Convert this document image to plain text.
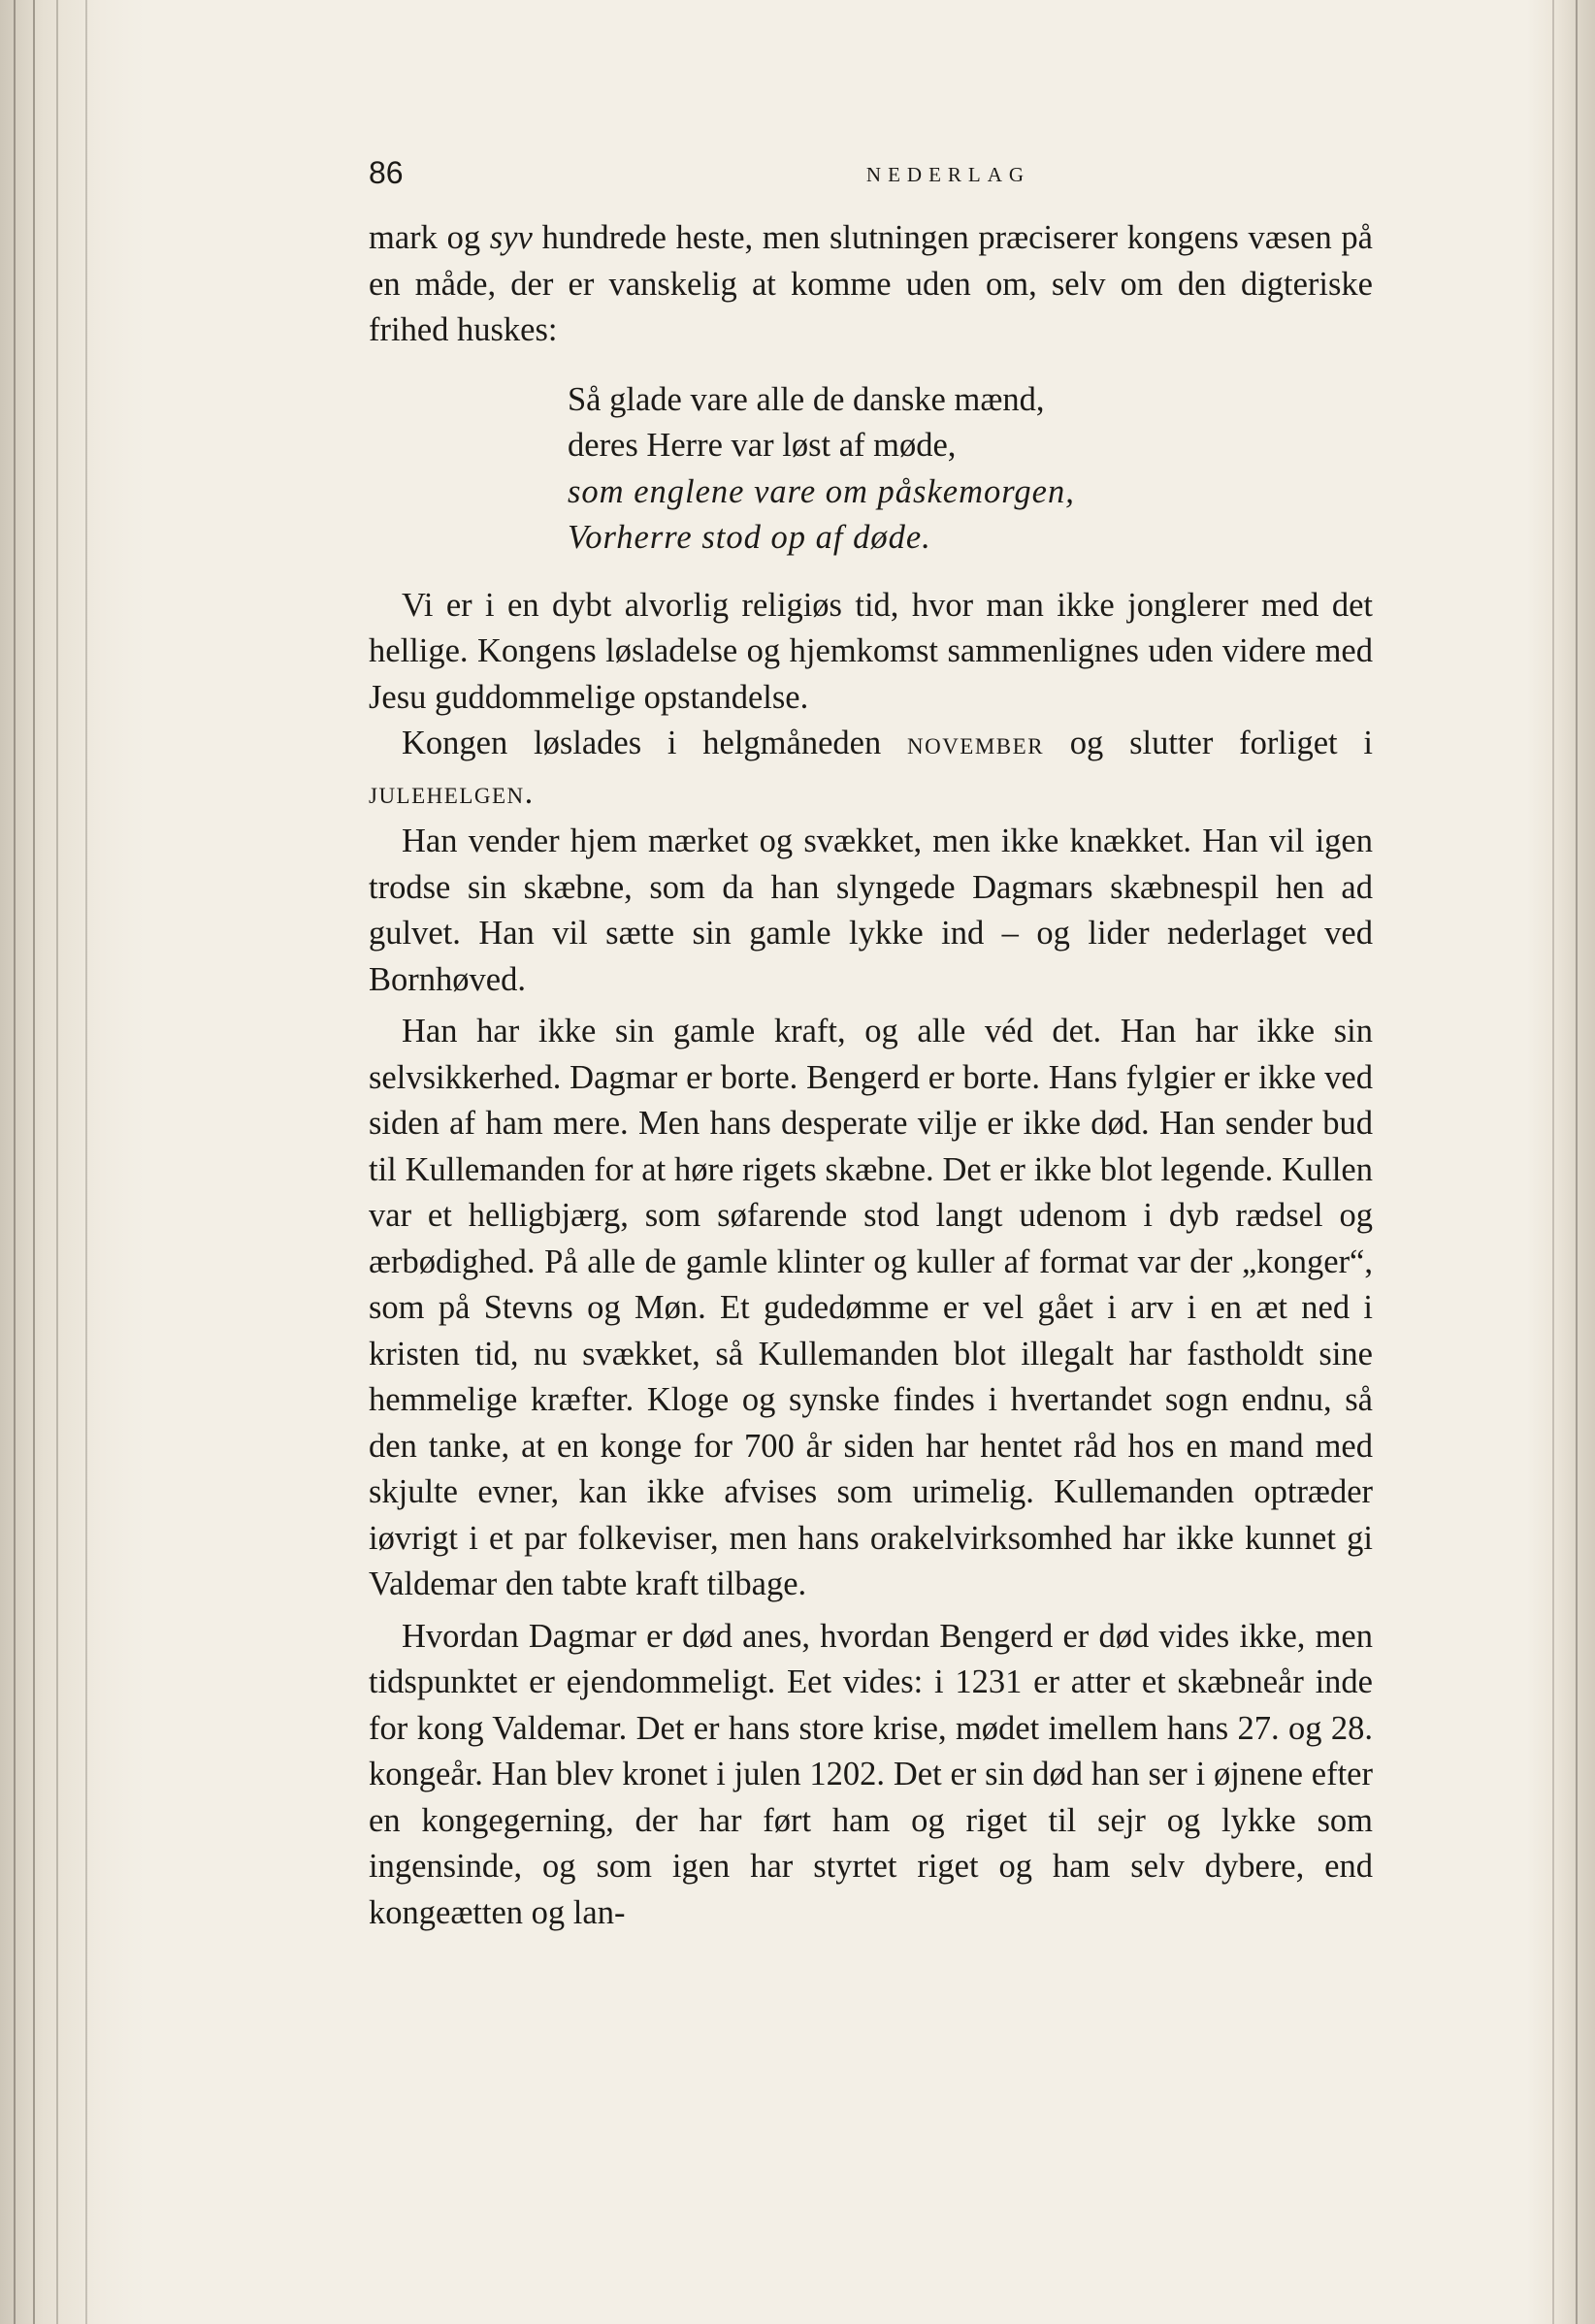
86	NEDERLAG

mark og syv hundrede heste, men slutningen præciserer kongens væsen på en måde, der er vanskelig at komme uden om, selv om den digteriske frihed huskes:

Så glade vare alle de danske mænd,
deres Herre var løst af møde,
som englene vare om påskemorgen,
Vorherre stod op af døde.

Vi er i en dybt alvorlig religiøs tid, hvor man ikke jonglerer med det hellige. Kongens løsladelse og hjemkomst sammenlignes uden videre med Jesu guddommelige opstandelse.

Kongen løslades i helgmåneden NOVEMBER og slutter forliget i JULEHELGEN.

Han vender hjem mærket og svækket, men ikke knækket. Han vil igen trodse sin skæbne, som da han slyngede Dagmars skæbnespil hen ad gulvet. Han vil sætte sin gamle lykke ind – og lider nederlaget ved Bornhøved.

Han har ikke sin gamle kraft, og alle véd det. Han har ikke sin selvsikkerhed. Dagmar er borte. Bengerd er borte. Hans fylgier er ikke ved siden af ham mere. Men hans desperate vilje er ikke død. Han sender bud til Kullemanden for at høre rigets skæbne. Det er ikke blot legende. Kullen var et helligbjærg, som søfarende stod langt udenom i dyb rædsel og ærbødighed. På alle de gamle klinter og kuller af format var der „konger“, som på Stevns og Møn. Et gudedømme er vel gået i arv i en æt ned i kristen tid, nu svækket, så Kullemanden blot illegalt har fastholdt sine hemmelige kræfter. Kloge og synske findes i hvertandet sogn endnu, så den tanke, at en konge for 700 år siden har hentet råd hos en mand med skjulte evner, kan ikke afvises som urimelig. Kullemanden optræder iøvrigt i et par folkeviser, men hans orakelvirksomhed har ikke kunnet gi Valdemar den tabte kraft tilbage.

Hvordan Dagmar er død anes, hvordan Bengerd er død vides ikke, men tidspunktet er ejendommeligt. Eet vides: i 1231 er atter et skæbneår inde for kong Valdemar. Det er hans store krise, mødet imellem hans 27. og 28. kongeår. Han blev kronet i julen 1202. Det er sin død han ser i øjnene efter en kongegerning, der har ført ham og riget til sejr og lykke som ingensinde, og som igen har styrtet riget og ham selv dybere, end kongeætten og lan-
